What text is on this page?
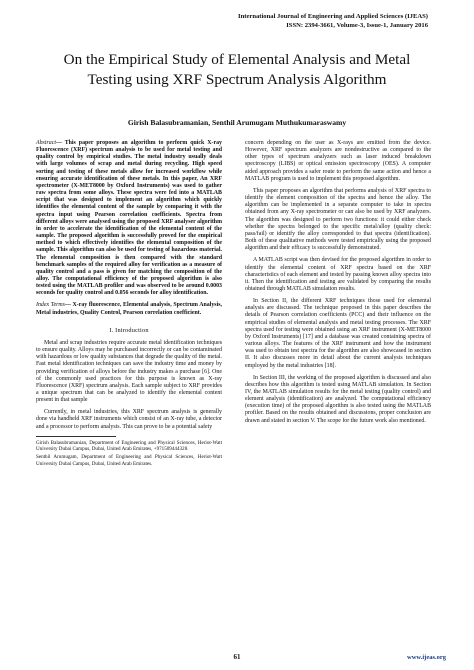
International Journal of Engineering and Applied Sciences (IJEAS)
ISSN: 2394-3661, Volume-3, Issue-1, January 2016
On the Empirical Study of Elemental Analysis and Metal Testing using XRF Spectrum Analysis Algorithm
Girish Balasubramanian, Senthil Arumugam Muthukumaraswamy

Abstract— This paper proposes an algorithm to perform quick X-ray Fluorescence (XRF) spectrum analysis to be used for metal testing and quality control by empirical studies. The metal industry usually deals with large volumes of scrap and metal during recycling. High speed sorting and testing of these metals allow for increased workflow while ensuring accurate identification of these metals. In this paper, An XRF spectrometer (X-MET8000 by Oxford Instruments) was used to gather raw spectra from some alloys. These spectra were fed into a MATLAB script that was designed to implement an algorithm which quickly identifies the elemental content of the sample by comparing it with the spectra input using Pearson correlation coefficients. Spectra from different alloys were analysed using the proposed XRF analyser algorithm in order to accelerate the identification of the elemental content of the sample. The proposed algorithm is successfully proved for the empirical method to which effectively identifies the elemental composition of the sample. This algorithm can also be used for testing of hazardous material. The elemental composition is then compared with the standard benchmark samples of the required alloy for verification as a measure of quality control and a pass is given for matching the composition of the alloy. The computational efficiency of the proposed algorithm is also tested using the MATLAB profiler and was observed to be around 0.0003 seconds for quality control and 0.056 seconds for alloy identification.

Index Terms— X-ray fluorescence, Elemental analysis, Spectrum Analysis, Metal industries, Quality Control, Pearson correlation coefficient.

I. Introduction

Metal and scrap industries require accurate metal identification techniques to ensure quality. Alloys may be purchased incorrectly or can be contaminated with hazardous or low quality substances that degrade the quality of the metal. Fast metal identification techniques can save the industry time and money by providing verification of alloys before the industry makes a purchase [6]. One of the commonly used practices for this purpose is known as X-ray Fluorescence (XRF) spectrum analysis. Each sample subject to XRF provides a unique spectrum that can be analyzed to identify the elemental content present in that sample

Currently, in metal industries, this XRF spectrum analysis is generally done via handheld XRF instruments which consist of an X-ray tube, a detector and a processor to perform analysis. This can prove to be a potential safety

Girish Balasubramanian, Department of Engineering and Physical Sciences, Heriot-Watt University Dubai Campus, Dubai, United Arab Emirates, +971509444328.

Senthil Arumugam, Department of Engineering and Physical Sciences, Heriot-Watt University Dubai Campus, Dubai, United Arab Emirates.

concern depending on the user as X-rays are emitted from the device. However, XRF spectrum analyzers are nondestructive as compared to the other types of spectrum analyzers such as laser induced breakdown spectroscopy (LIBS) or optical emission spectroscopy (OES). A computer aided approach provides a safer route to perform the same action and hence a MATLAB program is used to implement this proposed algorithm.

This paper proposes an algorithm that performs analysis of XRF spectra to identify the element composition of the spectra and hence the alloy. The algorithm can be implemented in a separate computer to take in spectra obtained from any X-ray spectrometer or can also be used by XRF analyzers. The algorithm was designed to perform two functions: it could either check whether the spectra belonged to the specific metal/alloy (quality check: pass/fail) or identify the alloy corresponded to that spectra (identification). Both of these qualitative methods were tested empirically using the proposed algorithm and their efficacy is successfully demonstrated.

A MATLAB script was then devised for the proposed algorithm in order to identify the elemental content of XRF spectra based on the XRF characteristics of each element and tested by passing known alloy spectra into it. Then the identification and testing are validated by comparing the results obtained through MATLAB simulation results.

In Section II, the different XRF techniques those used for elemental analysis are discussed. The technique proposed in this paper describes the details of Pearson correlation coefficients (PCC) and their influence on the empirical studies of elemental analysis and metal testing processes. The XRF spectra used for testing were obtained using an XRF instrument (X-MET8000 by Oxford Instruments) [17] and a database was created containing spectra of various alloys. The features of the XRF instrument and how the instrument was used to obtain test spectra for the algorithm are also showcased in section II. It also discusses more in detail about the current analysis techniques employed by the metal industries [18].

In Section III, the working of the proposed algorithm is discussed and also describes how this algorithm is tested using MATLAB simulation. In Section IV, the MATLAB simulation results for the metal testing (quality control) and element analysis (identification) are analyzed. The computational efficiency (execution time) of the proposed algorithm is also tested using the MATLAB profiler. Based on the results obtained and discussions, proper conclusion are drawn and stated in section V. The scope for the future work also mentioned.

61	www.ijeas.org
